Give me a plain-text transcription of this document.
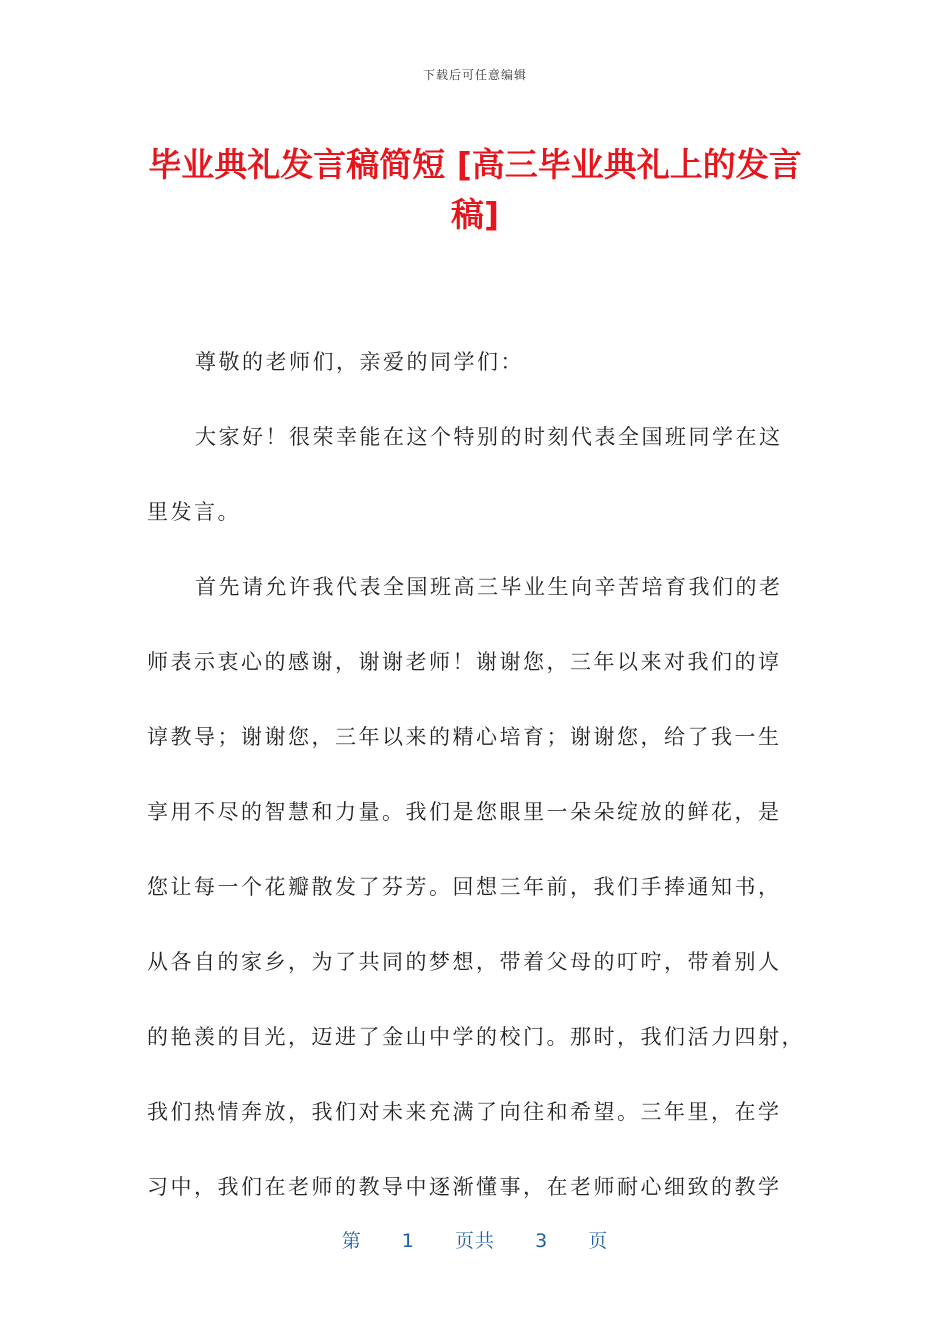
下载后可任意编辑
毕业典礼发言稿简短 [高三毕业典礼上的发言
稿]
尊敬的老师们，亲爱的同学们：
大家好！很荣幸能在这个特别的时刻代表全国班同学在这
里发言。
首先请允许我代表全国班高三毕业生向辛苦培育我们的老
师表示衷心的感谢，谢谢老师！谢谢您，三年以来对我们的谆
谆教导；谢谢您，三年以来的精心培育；谢谢您，给了我一生
享用不尽的智慧和力量。我们是您眼里一朵朵绽放的鲜花，是
您让每一个花瓣散发了芬芳。回想三年前，我们手捧通知书，
从各自的家乡，为了共同的梦想，带着父母的叮咛，带着别人
的艳羡的目光，迈进了金山中学的校门。那时，我们活力四射，
我们热情奔放，我们对未来充满了向往和希望。三年里，在学
习中，我们在老师的教导中逐渐懂事，在老师耐心细致的教学
第 1 页共 3 页
